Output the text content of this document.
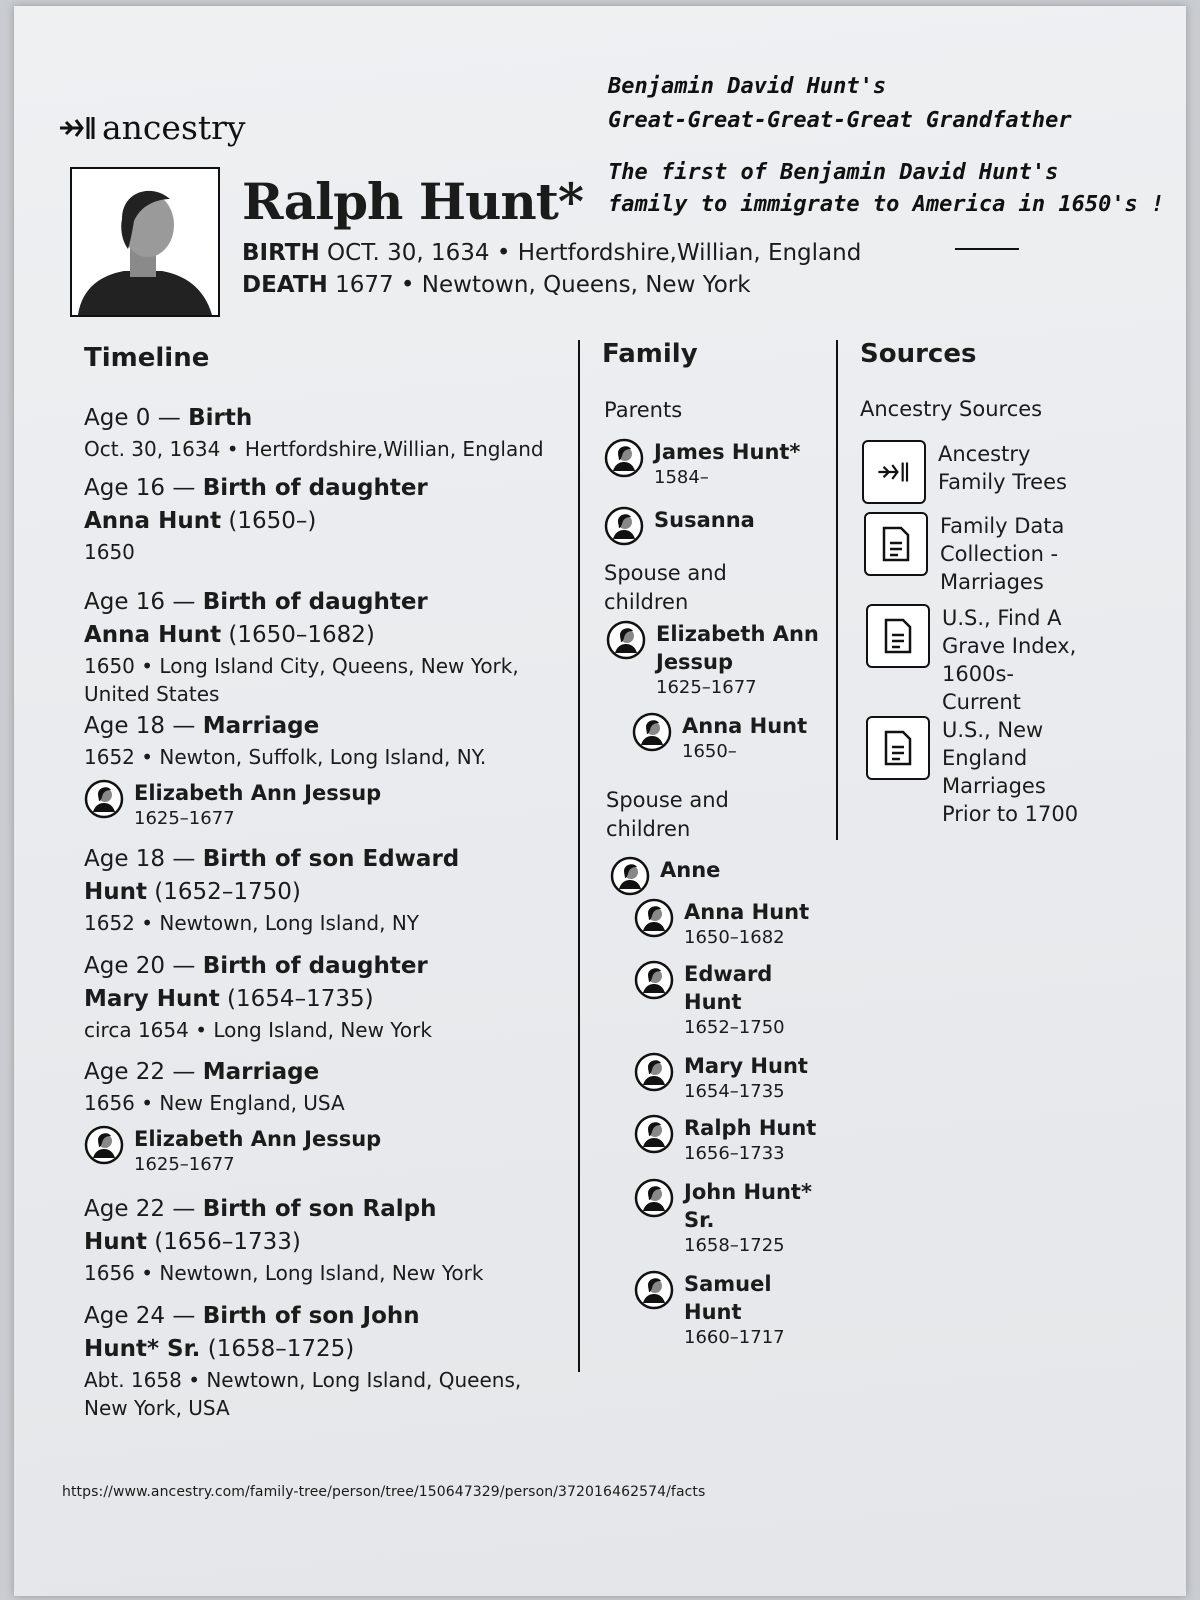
ancestry
Ralph Hunt*
BIRTH OCT. 30, 1634 • Hertfordshire,Willian, England
DEATH 1677 • Newtown, Queens, New York
Benjamin David Hunt's
Great-Great-Great-Great Grandfather
The first of Benjamin David Hunt's
family to immigrate to America in 1650's !
Timeline	Family	Sources
Age 0 — Birth
Oct. 30, 1634 • Hertfordshire,Willian, England
Age 16 — Birth of daughter Anna Hunt (1650–)
1650
Age 16 — Birth of daughter Anna Hunt (1650–1682)
1650 • Long Island City, Queens, New York, United States
Age 18 — Marriage
1652 • Newton, Suffolk, Long Island, NY.
Elizabeth Ann Jessup
1625–1677
Age 18 — Birth of son Edward Hunt (1652–1750)
1652 • Newtown, Long Island, NY
Age 20 — Birth of daughter Mary Hunt (1654–1735)
circa 1654 • Long Island, New York
Age 22 — Marriage
1656 • New England, USA
Elizabeth Ann Jessup
1625–1677
Age 22 — Birth of son Ralph Hunt (1656–1733)
1656 • Newtown, Long Island, New York
Age 24 — Birth of son John Hunt* Sr. (1658–1725)
Abt. 1658 • Newtown, Long Island, Queens, New York, USA
Parents
Spouse and children
Spouse and children
James Hunt*
1584–
Susanna
Elizabeth Ann Jessup
1625–1677
Anna Hunt
1650–
Anne
Anna Hunt
1650–1682
Edward Hunt
1652–1750
Mary Hunt
1654–1735
Ralph Hunt
1656–1733
John Hunt* Sr.
1658–1725
Samuel Hunt
1660–1717
Ancestry Sources
Ancestry Family Trees
Family Data Collection - Marriages
U.S., Find A Grave Index, 1600s-Current
U.S., New England Marriages Prior to 1700
https://www.ancestry.com/family-tree/person/tree/150647329/person/372016462574/facts
